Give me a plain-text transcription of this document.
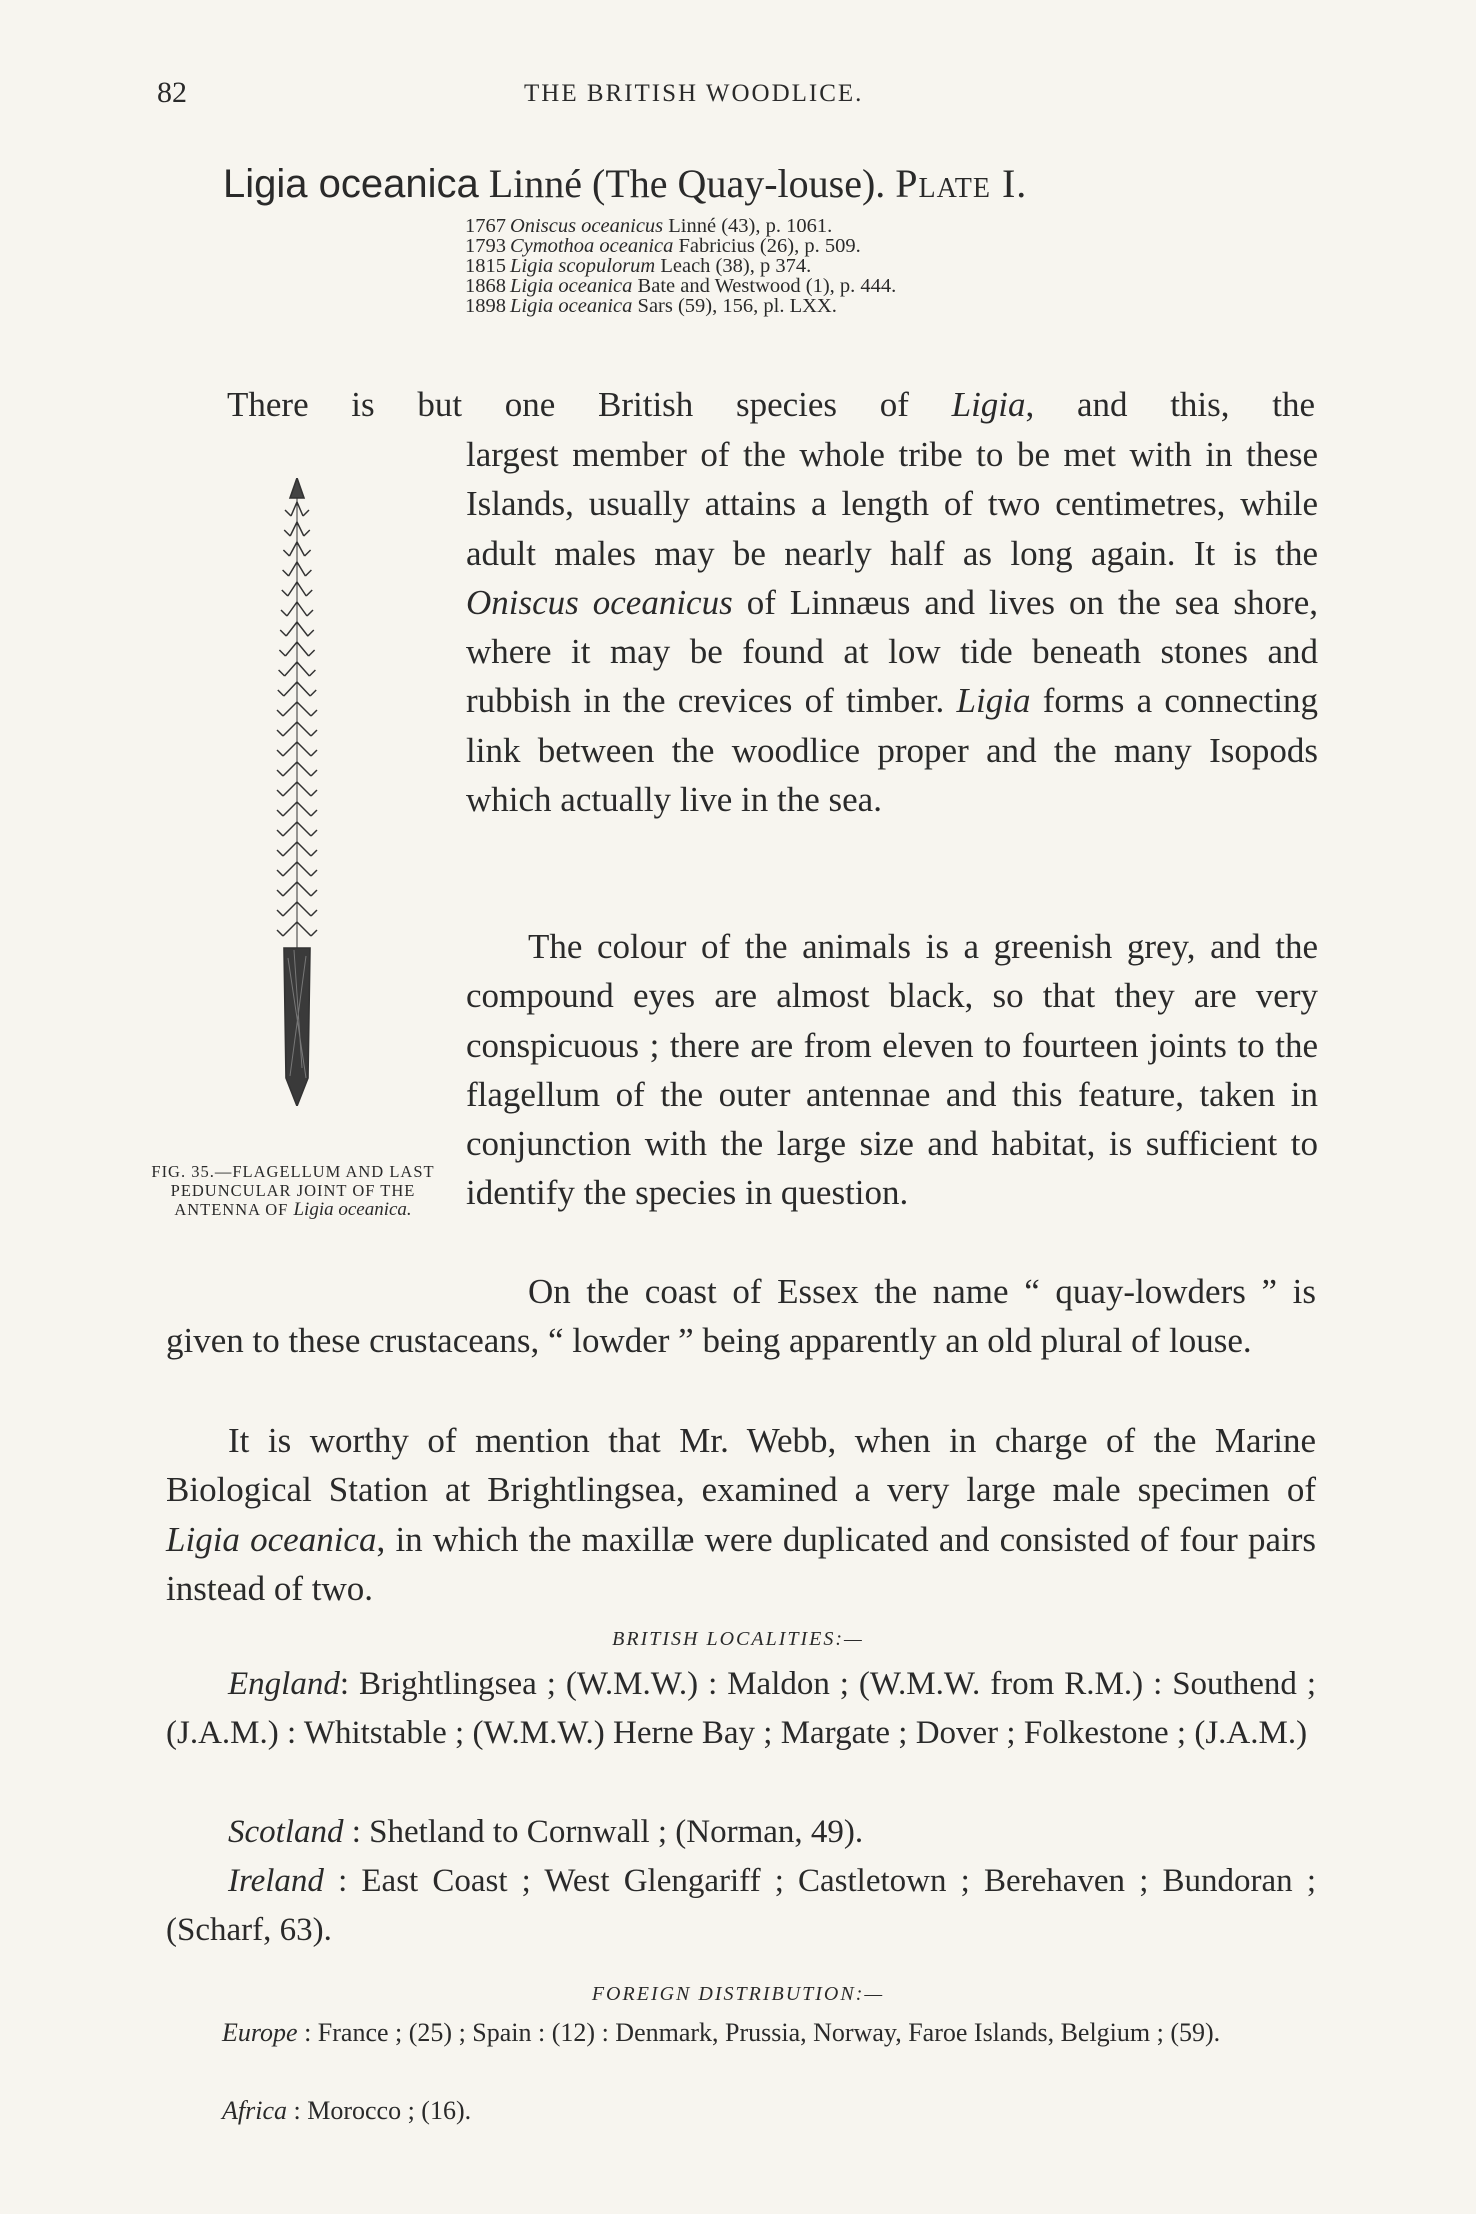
82	THE BRITISH WOODLICE.
Ligia oceanica Linné (The Quay-louse). Plate I.
1767 Oniscus oceanicus Linné (43), p. 1061.
1793 Cymothoa oceanica Fabricius (26), p. 509.
1815 Ligia scopulorum Leach (38), p 374.
1868 Ligia oceanica Bate and Westwood (1), p. 444.
1898 Ligia oceanica Sars (59), 156, pl. LXX.
There is but one British species of Ligia, and this, the
largest member of the whole tribe to be met with in these Islands, usually attains a length of two centimetres, while adult males may be nearly half as long again. It is the Oniscus oceanicus of Linnæus and lives on the sea shore, where it may be found at low tide beneath stones and rubbish in the crevices of timber. Ligia forms a connecting link between the woodlice proper and the many Isopods which actually live in the sea.
FIG. 35.—FLAGELLUM AND LAST PEDUNCULAR JOINT OF THE ANTENNA OF Ligia oceanica.
The colour of the animals is a greenish grey, and the compound eyes are almost black, so that they are very conspicuous ; there are from eleven to fourteen joints to the flagellum of the outer antennae and this feature, taken in conjunction with the large size and habitat, is sufficient to identify the species in question.
On the coast of Essex the name “ quay-lowders ” is given to these crustaceans, “ lowder ” being apparently an old plural of louse.
It is worthy of mention that Mr. Webb, when in charge of the Marine Biological Station at Brightlingsea, examined a very large male specimen of Ligia oceanica, in which the maxillæ were duplicated and consisted of four pairs instead of two.
BRITISH LOCALITIES:—
England: Brightlingsea ; (W.M.W.) : Maldon ; (W.M.W. from R.M.) : Southend ; (J.A.M.) : Whitstable ; (W.M.W.) Herne Bay ; Margate ; Dover ; Folkestone ; (J.A.M.)
Scotland : Shetland to Cornwall ; (Norman, 49).
Ireland : East Coast ; West Glengariff ; Castletown ; Berehaven ; Bundoran ; (Scharf, 63).
FOREIGN DISTRIBUTION:—
Europe : France ; (25) ; Spain : (12) : Denmark, Prussia, Norway, Faroe Islands, Belgium ; (59).
Africa : Morocco ; (16).
